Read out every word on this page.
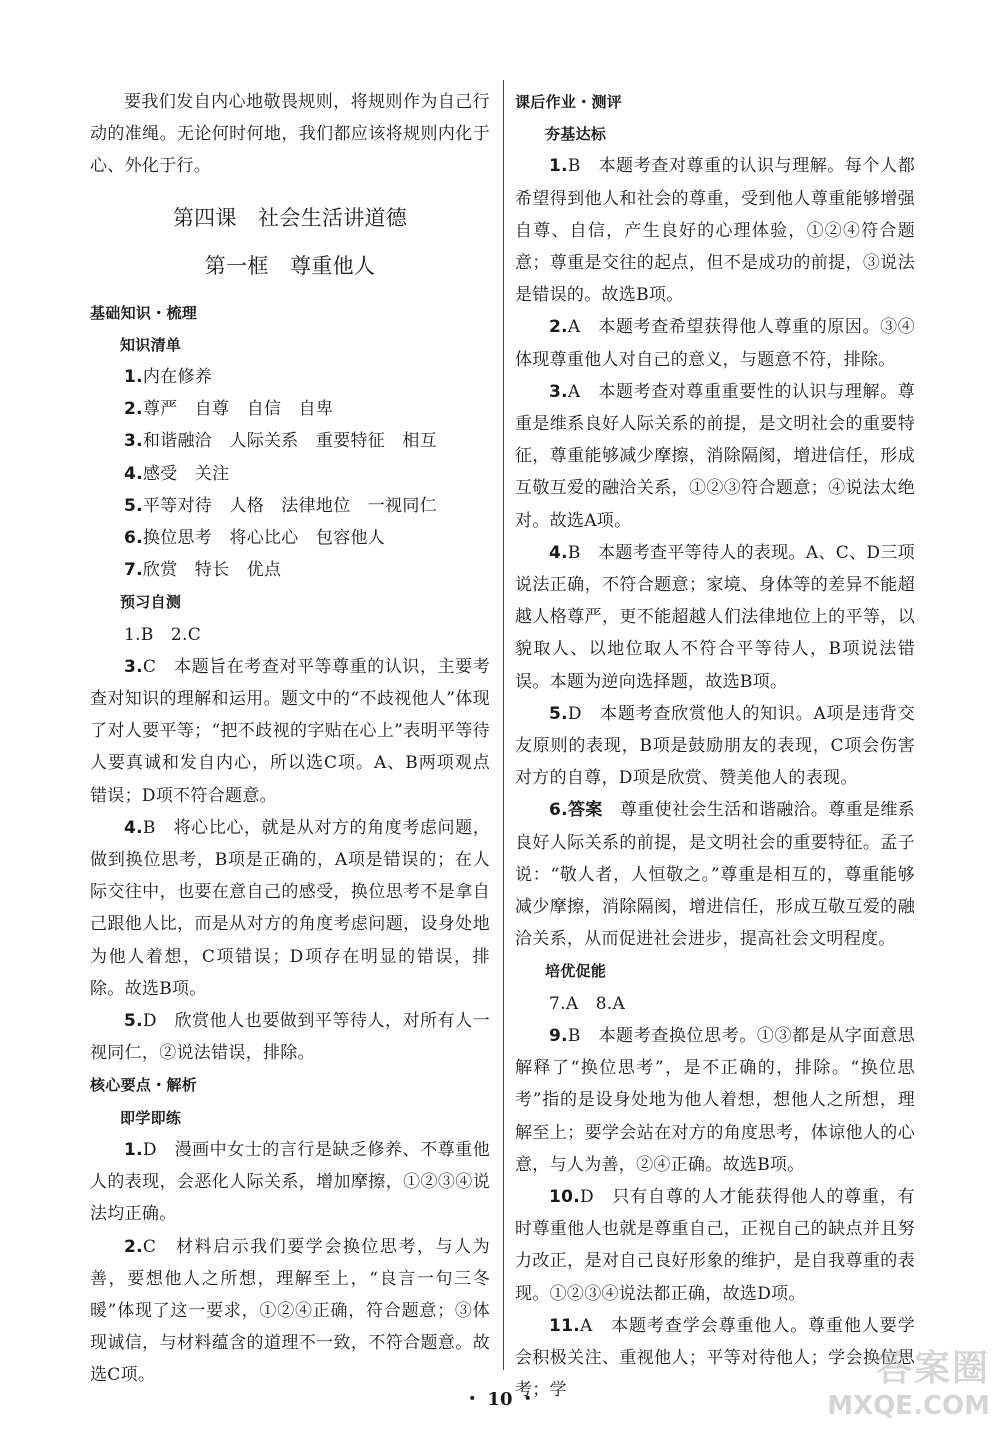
要我们发自内心地敬畏规则，将规则作为自己行动的准绳。无论何时何地，我们都应该将规则内化于心、外化于行。

第四课　社会生活讲道德
第一框　尊重他人

基础知识・梳理

知识清单

1.内在修养

2.尊严　自尊　自信　自卑

3.和谐融洽　人际关系　重要特征　相互

4.感受　关注

5.平等对待　人格　法律地位　一视同仁

6.换位思考　将心比心　包容他人

7.欣赏　特长　优点

预习自测

1.B　2.C

3.C　本题旨在考查对平等尊重的认识，主要考查对知识的理解和运用。题文中的“不歧视他人”体现了对人要平等；“把不歧视的字贴在心上”表明平等待人要真诚和发自内心，所以选C项。A、B两项观点错误；D项不符合题意。

4.B　将心比心，就是从对方的角度考虑问题，做到换位思考，B项是正确的，A项是错误的；在人际交往中，也要在意自己的感受，换位思考不是拿自己跟他人比，而是从对方的角度考虑问题，设身处地为他人着想，C项错误；D项存在明显的错误，排除。故选B项。

5.D　欣赏他人也要做到平等待人，对所有人一视同仁，②说法错误，排除。

核心要点・解析

即学即练

1.D　漫画中女士的言行是缺乏修养、不尊重他人的表现，会恶化人际关系，增加摩擦，①②③④说法均正确。

2.C　材料启示我们要学会换位思考，与人为善，要想他人之所想，理解至上，“良言一句三冬暖”体现了这一要求，①②④正确，符合题意；③体现诚信，与材料蕴含的道理不一致，不符合题意。故选C项。

课后作业・测评

夯基达标

1.B　本题考查对尊重的认识与理解。每个人都希望得到他人和社会的尊重，受到他人尊重能够增强自尊、自信，产生良好的心理体验，①②④符合题意；尊重是交往的起点，但不是成功的前提，③说法是错误的。故选B项。

2.A　本题考查希望获得他人尊重的原因。③④体现尊重他人对自己的意义，与题意不符，排除。

3.A　本题考查对尊重重要性的认识与理解。尊重是维系良好人际关系的前提，是文明社会的重要特征，尊重能够减少摩擦，消除隔阂，增进信任，形成互敬互爱的融洽关系，①②③符合题意；④说法太绝对。故选A项。

4.B　本题考查平等待人的表现。A、C、D三项说法正确，不符合题意；家境、身体等的差异不能超越人格尊严，更不能超越人们法律地位上的平等，以貌取人、以地位取人不符合平等待人，B项说法错误。本题为逆向选择题，故选B项。

5.D　本题考查欣赏他人的知识。A项是违背交友原则的表现，B项是鼓励朋友的表现，C项会伤害对方的自尊，D项是欣赏、赞美他人的表现。

6.答案　 尊重使社会生活和谐融洽。尊重是维系良好人际关系的前提，是文明社会的重要特征。孟子说：“敬人者，人恒敬之。”尊重是相互的，尊重能够减少摩擦，消除隔阂，增进信任，形成互敬互爱的融洽关系，从而促进社会进步，提高社会文明程度。

培优促能

7.A　8.A

9.B　本题考查换位思考。①③都是从字面意思解释了“换位思考”，是不正确的，排除。“换位思考”指的是设身处地为他人着想，想他人之所想，理解至上；要学会站在对方的角度思考，体谅他人的心意，与人为善，②④正确。故选B项。

10.D　只有自尊的人才能获得他人的尊重，有时尊重他人也就是尊重自己，正视自己的缺点并且努力改正，是对自己良好形象的维护，是自我尊重的表现。①②③④说法都正确，故选D项。

11.A　本题考查学会尊重他人。尊重他人要学会积极关注、重视他人；平等对待他人；学会换位思考；学

・ 10 ・
答案圈
MXQE.COM
